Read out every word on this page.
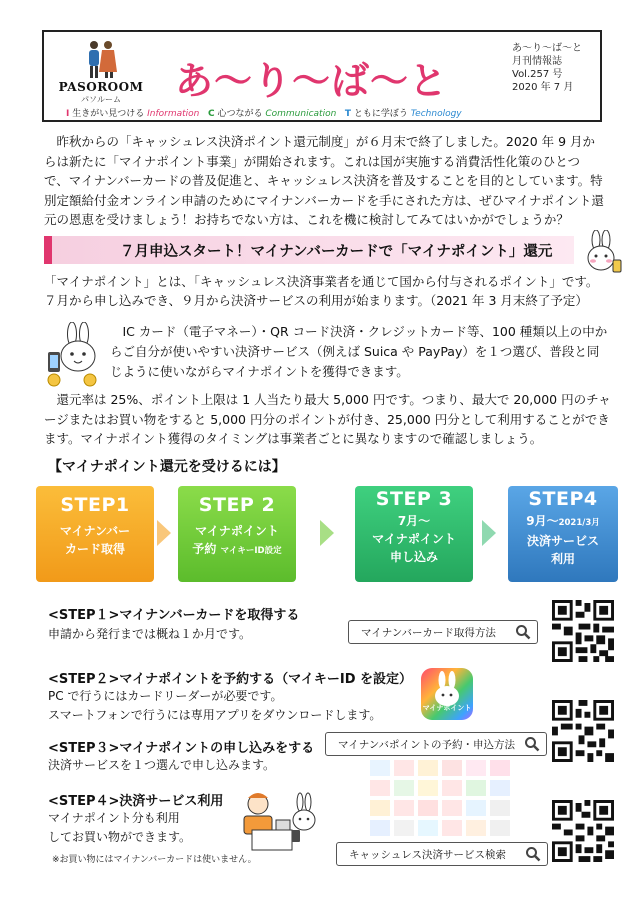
PASOROOM
パソルーム	あ〜り〜ば〜と
あ〜り〜ば〜と
月刊情報誌
Vol.257 号
2020 年 7 月
I 生きがい見つける Information C 心つながる Communication T ともに学ぼう Technology
昨秋からの「キャッシュレス決済ポイント還元制度」が６月末で終了しました。2020 年 9 月からは新たに「マイナポイント事業」が開始されます。これは国が実施する消費活性化策のひとつで、マイナンバーカードの普及促進と、キャッシュレス決済を普及することを目的としています。特別定額給付金オンライン申請のためにマイナンバーカードを手にされた方は、ぜひマイナポイント還元の恩恵を受けましょう！お持ちでない方は、これを機に検討してみてはいかがでしょうか？
７月申込スタート！マイナンバーカードで「マイナポイント」還元
「マイナポイント」とは、「キャッシュレス決済事業者を通じて国から付与されるポイント」です。
７月から申し込みでき、９月から決済サービスの利用が始まります。（2021 年 3 月末終了予定）
IC カード（電子マネー）・QR コード決済・クレジットカード等、100 種類以上の中からご自分が使いやすい決済サービス（例えば Suica や PayPay）を１つ選び、普段と同じように使いながらマイナポイントを獲得できます。
還元率は 25%、ポイント上限は 1 人当たり最大 5,000 円です。つまり、最大で 20,000 円のチャージまたはお買い物をすると 5,000 円分のポイントが付き、25,000 円分として利用することができます。マイナポイント獲得のタイミングは事業者ごとに異なりますので確認しましょう。
【マイナポイント還元を受けるには】
STEP1
マイナンバー
カード取得
STEP 2
マイナポイント
予約 マイキーID設定
STEP 3
7月〜
マイナポイント
申し込み
STEP4
9月〜2021/3月
決済サービス
利用
<STEP１>マイナンバーカードを取得する
申請から発行までは概ね１か月です。	マイナンバーカード取得方法
<STEP２>マイナポイントを予約する（マイキーID を設定）
PC で行うにはカードリーダーが必要です。
スマートフォンで行うには専用アプリをダウンロードします。	マイナポイント
<STEP３>マイナポイントの申し込みをする
決済サービスを１つ選んで申し込みます。
マイナンバポイントの予約・申込方法
<STEP４>決済サービス利用
マイナポイント分も利用
してお買い物ができます。
※お買い物にはマイナンバーカードは使いません。	キャッシュレス決済サービス検索
